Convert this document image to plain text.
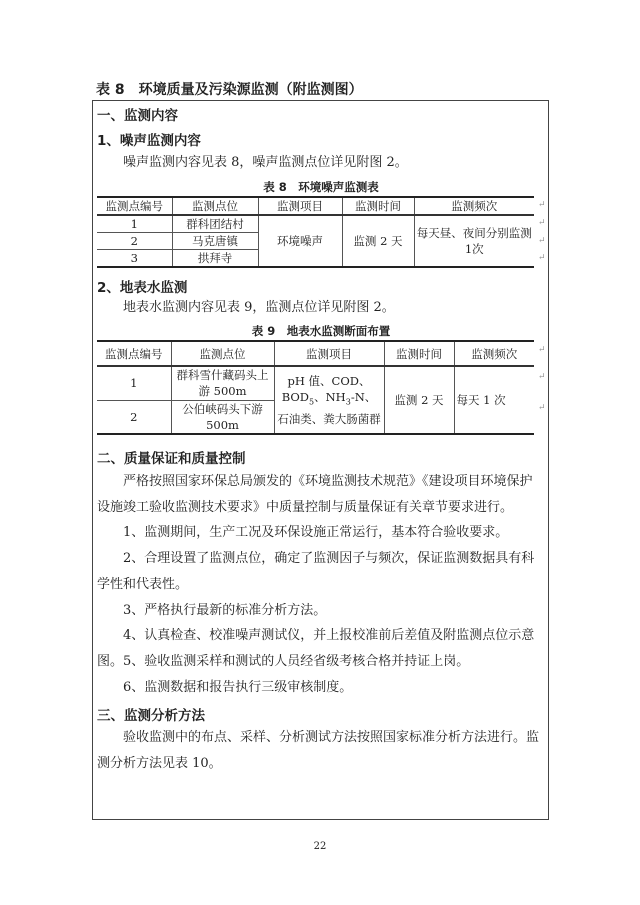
表 8　环境质量及污染源监测（附监测图）
一、监测内容
1、噪声监测内容
噪声监测内容见表 8，噪声监测点位详见附图 2。
表 8　环境噪声监测表
监测点编号	监测点位	监测项目	监测时间	监测频次
1	群科团结村	环境噪声	监测 2 天	每天昼、夜间分别监测 1次
2	马克唐镇			
3	拱拜寺			
↵
↵
↵
↵
2、地表水监测
地表水监测内容见表 9，监测点位详见附图 2。
表 9　地表水监测断面布置
监测点编号	监测点位	监测项目	监测时间	监测频次
1	群科雪什藏码头上游 500m	pH 值、COD、$BOD_5$、$NH_3-N$、石油类、粪大肠菌群	监测 2 天	每天 1 次
2	公伯峡码头下游 500m			
↵
↵
↵
二、质量保证和质量控制
严格按照国家环保总局颁发的《环境监测技术规范》《建设项目环境保护设施竣工验收监测技术要求》中质量控制与质量保证有关章节要求进行。
1、监测期间，生产工况及环保设施正常运行，基本符合验收要求。
2、合理设置了监测点位，确定了监测因子与频次，保证监测数据具有科学性和代表性。
3、严格执行最新的标准分析方法。
4、认真检查、校准噪声测试仪，并上报校准前后差值及附监测点位示意图。 5、验收监测采样和测试的人员经省级考核合格并持证上岗。
6、监测数据和报告执行三级审核制度。
三、监测分析方法
验收监测中的布点、采样、分析测试方法按照国家标准分析方法进行。监测分析方法见表 10。
22
